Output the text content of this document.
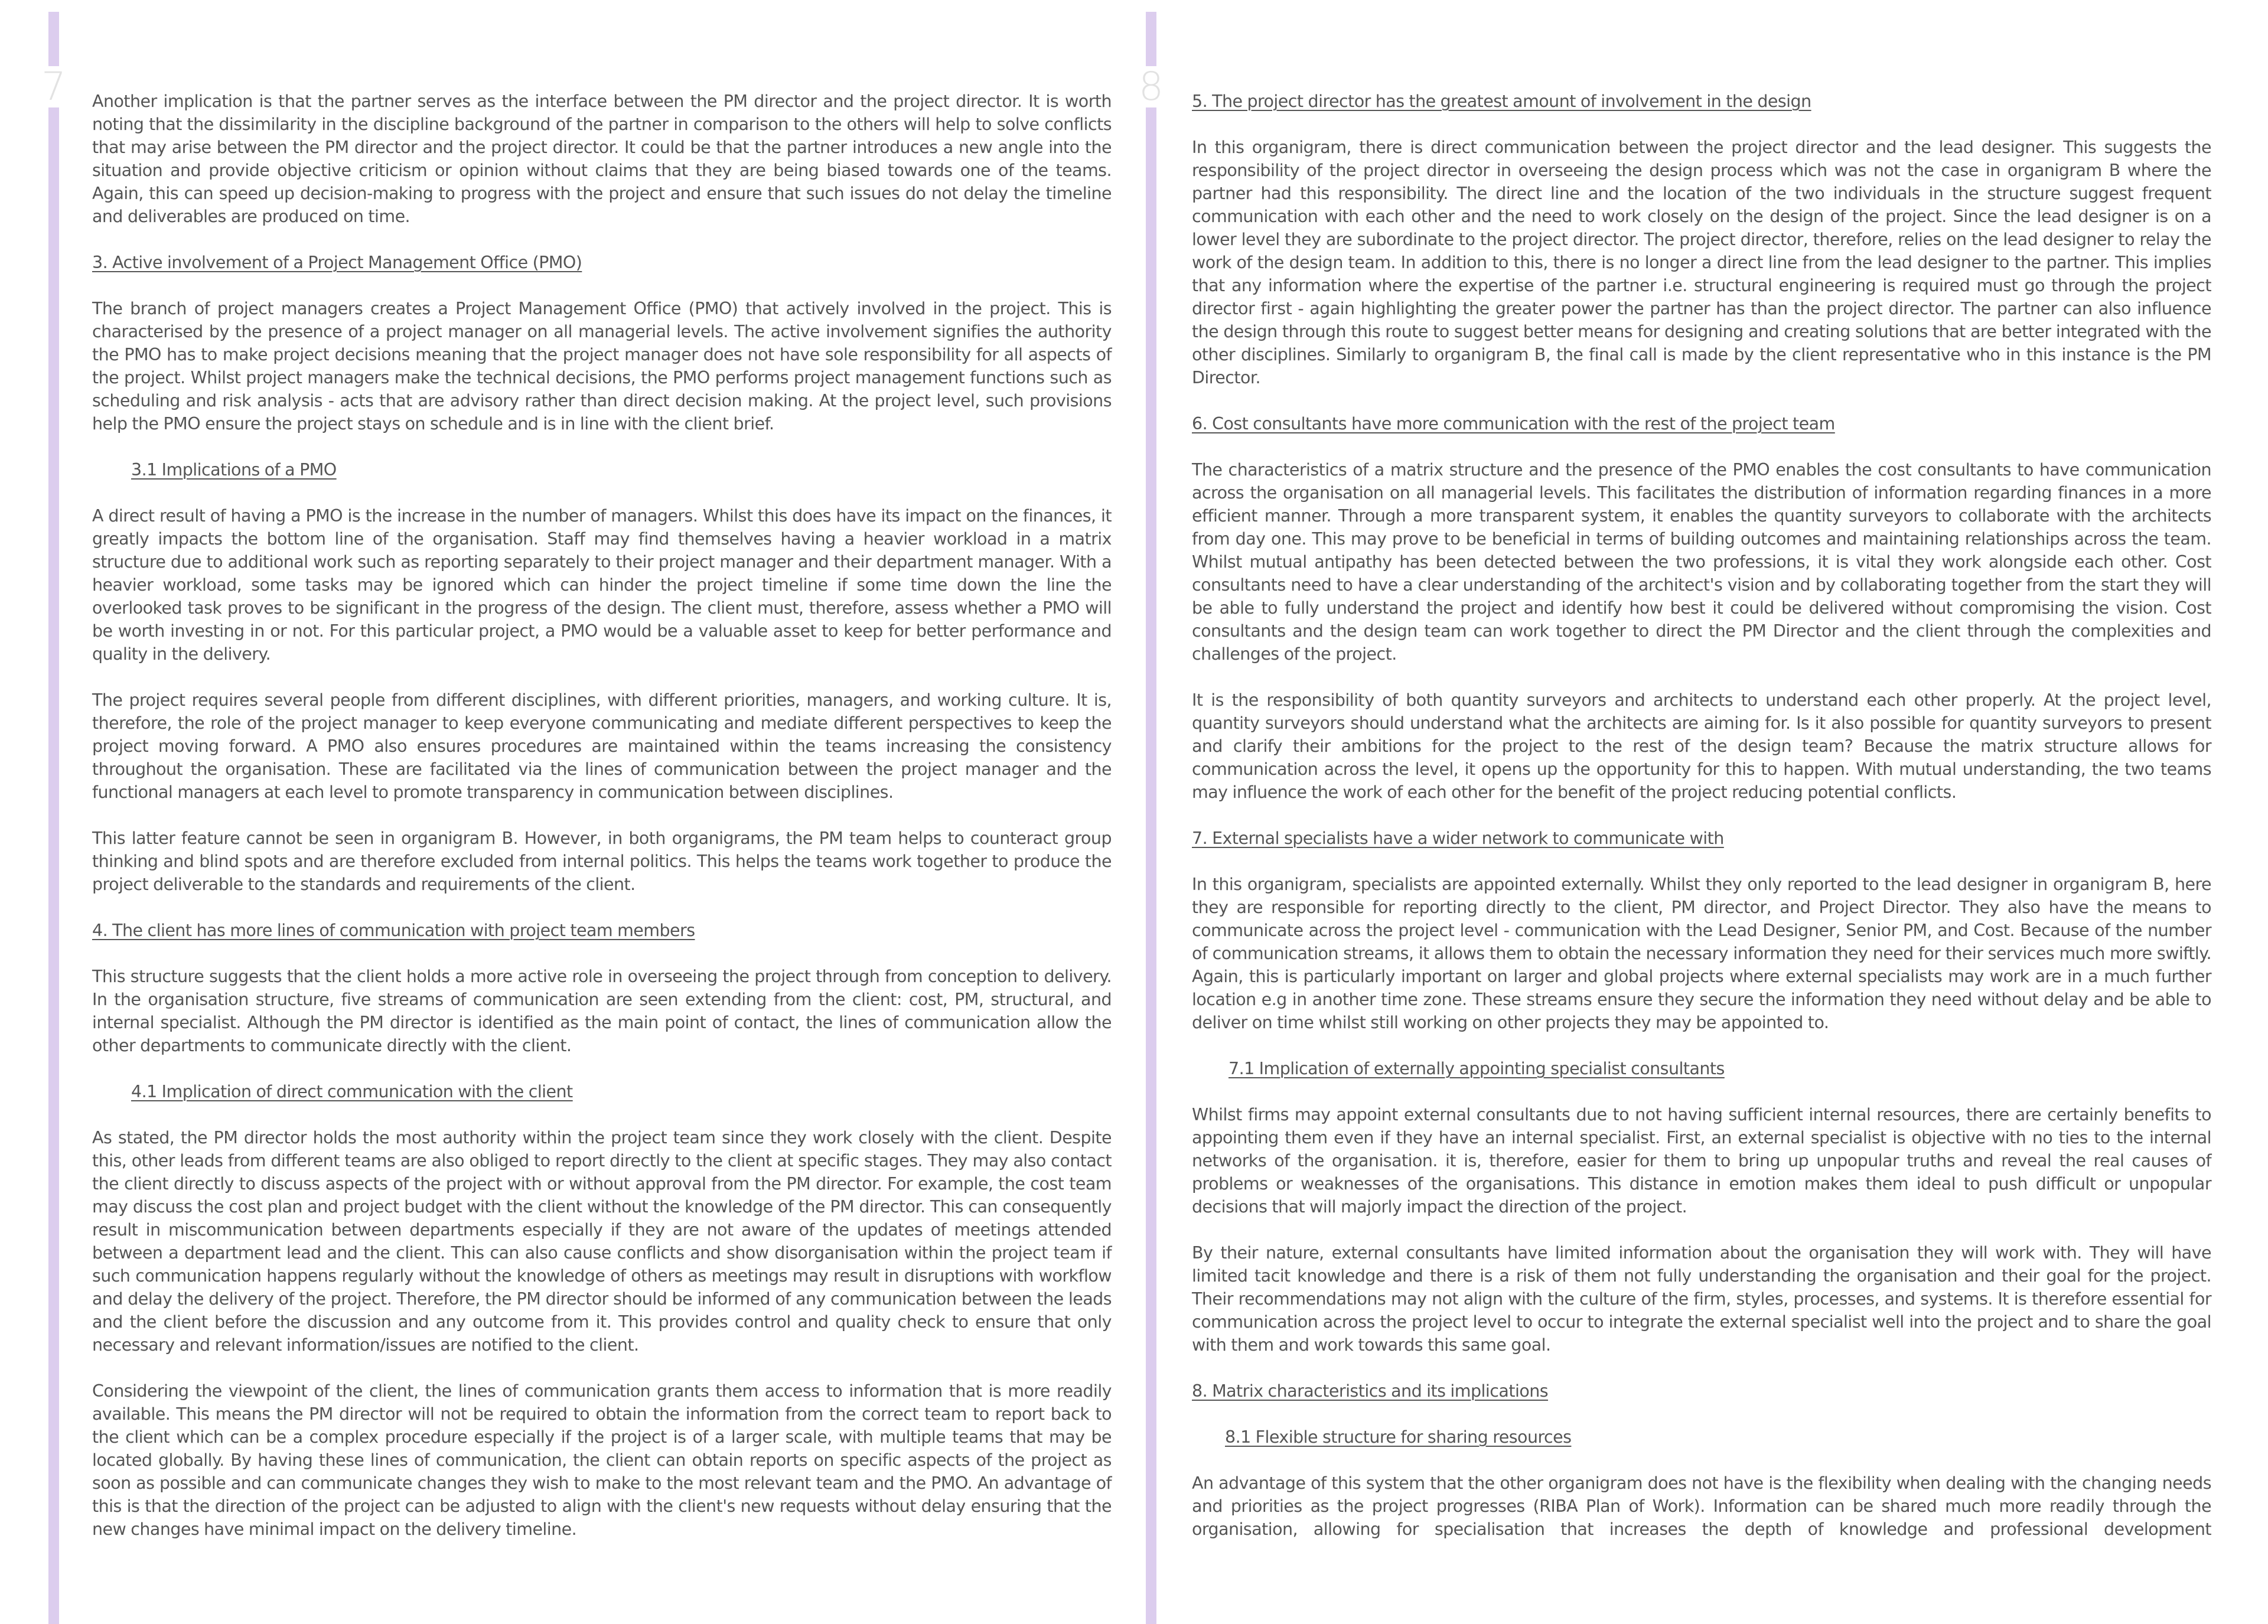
7	8

Another implication is that the partner serves as the interface between the PM director and the project director. It is worth noting that the dissimilarity in the discipline background of the partner in comparison to the others will help to solve conflicts that may arise between the PM director and the project director. It could be that the partner introduces a new angle into the situation and provide objective criticism or opinion without claims that they are being biased towards one of the teams. Again, this can speed up decision-making to progress with the project and ensure that such issues do not delay the timeline and deliverables are produced on time.

3. Active involvement of a Project Management Office (PMO)

The branch of project managers creates a Project Management Office (PMO) that actively involved in the project. This is characterised by the presence of a project manager on all managerial levels. The active involvement signifies the authority the PMO has to make project decisions meaning that the project manager does not have sole responsibility for all aspects of the project. Whilst project managers make the technical decisions, the PMO performs project management functions such as scheduling and risk analysis - acts that are advisory rather than direct decision making. At the project level, such provisions help the PMO ensure the project stays on schedule and is in line with the client brief.

3.1 Implications of a PMO

A direct result of having a PMO is the increase in the number of managers. Whilst this does have its impact on the finances, it greatly impacts the bottom line of the organisation. Staff may find themselves having a heavier workload in a matrix structure due to additional work such as reporting separately to their project manager and their department manager. With a heavier workload, some tasks may be ignored which can hinder the project timeline if some time down the line the overlooked task proves to be significant in the progress of the design. The client must, therefore, assess whether a PMO will be worth investing in or not. For this particular project, a PMO would be a valuable asset to keep for better performance and quality in the delivery.

The project requires several people from different disciplines, with different priorities, managers, and working culture. It is, therefore, the role of the project manager to keep everyone communicating and mediate different perspectives to keep the project moving forward. A PMO also ensures procedures are maintained within the teams increasing the consistency throughout the organisation. These are facilitated via the lines of communication between the project manager and the functional managers at each level to promote transparency in communication between disciplines.

This latter feature cannot be seen in organigram B. However, in both organigrams, the PM team helps to counteract group thinking and blind spots and are therefore excluded from internal politics. This helps the teams work together to produce the project deliverable to the standards and requirements of the client.

4. The client has more lines of communication with project team members

This structure suggests that the client holds a more active role in overseeing the project through from conception to delivery. In the organisation structure, five streams of communication are seen extending from the client: cost, PM, structural, and internal specialist. Although the PM director is identified as the main point of contact, the lines of communication allow the other departments to communicate directly with the client.

4.1 Implication of direct communication with the client

As stated, the PM director holds the most authority within the project team since they work closely with the client. Despite this, other leads from different teams are also obliged to report directly to the client at specific stages. They may also contact the client directly to discuss aspects of the project with or without approval from the PM director. For example, the cost team may discuss the cost plan and project budget with the client without the knowledge of the PM director. This can consequently result in miscommunication between departments especially if they are not aware of the updates of meetings attended between a department lead and the client. This can also cause conflicts and show disorganisation within the project team if such communication happens regularly without the knowledge of others as meetings may result in disruptions with workflow and delay the delivery of the project. Therefore, the PM director should be informed of any communication between the leads and the client before the discussion and any outcome from it. This provides control and quality check to ensure that only necessary and relevant information/issues are notified to the client.

Considering the viewpoint of the client, the lines of communication grants them access to information that is more readily available. This means the PM director will not be required to obtain the information from the correct team to report back to the client which can be a complex procedure especially if the project is of a larger scale, with multiple teams that may be located globally. By having these lines of communication, the client can obtain reports on specific aspects of the project as soon as possible and can communicate changes they wish to make to the most relevant team and the PMO. An advantage of this is that the direction of the project can be adjusted to align with the client's new requests without delay ensuring that the new changes have minimal impact on the delivery timeline.

5. The project director has the greatest amount of involvement in the design

In this organigram, there is direct communication between the project director and the lead designer. This suggests the responsibility of the project director in overseeing the design process which was not the case in organigram B where the partner had this responsibility. The direct line and the location of the two individuals in the structure suggest frequent communication with each other and the need to work closely on the design of the project. Since the lead designer is on a lower level they are subordinate to the project director. The project director, therefore, relies on the lead designer to relay the work of the design team. In addition to this, there is no longer a direct line from the lead designer to the partner. This implies that any information where the expertise of the partner i.e. structural engineering is required must go through the project director first - again highlighting the greater power the partner has than the project director. The partner can also influence the design through this route to suggest better means for designing and creating solutions that are better integrated with the other disciplines. Similarly to organigram B, the final call is made by the client representative who in this instance is the PM Director.

6. Cost consultants have more communication with the rest of the project team

The characteristics of a matrix structure and the presence of the PMO enables the cost consultants to have communication across the organisation on all managerial levels. This facilitates the distribution of information regarding finances in a more efficient manner. Through a more transparent system, it enables the quantity surveyors to collaborate with the architects from day one. This may prove to be beneficial in terms of building outcomes and maintaining relationships across the team. Whilst mutual antipathy has been detected between the two professions, it is vital they work alongside each other. Cost consultants need to have a clear understanding of the architect's vision and by collaborating together from the start they will be able to fully understand the project and identify how best it could be delivered without compromising the vision. Cost consultants and the design team can work together to direct the PM Director and the client through the complexities and challenges of the project.

It is the responsibility of both quantity surveyors and architects to understand each other properly. At the project level, quantity surveyors should understand what the architects are aiming for. Is it also possible for quantity surveyors to present and clarify their ambitions for the project to the rest of the design team? Because the matrix structure allows for communication across the level, it opens up the opportunity for this to happen. With mutual understanding, the two teams may influence the work of each other for the benefit of the project reducing potential conflicts.

7. External specialists have a wider network to communicate with

In this organigram, specialists are appointed externally. Whilst they only reported to the lead designer in organigram B, here they are responsible for reporting directly to the client, PM director, and Project Director. They also have the means to communicate across the project level - communication with the Lead Designer, Senior PM, and Cost. Because of the number of communication streams, it allows them to obtain the necessary information they need for their services much more swiftly. Again, this is particularly important on larger and global projects where external specialists may work are in a much further location e.g in another time zone. These streams ensure they secure the information they need without delay and be able to deliver on time whilst still working on other projects they may be appointed to.

7.1 Implication of externally appointing specialist consultants

Whilst firms may appoint external consultants due to not having sufficient internal resources, there are certainly benefits to appointing them even if they have an internal specialist. First, an external specialist is objective with no ties to the internal networks of the organisation. it is, therefore, easier for them to bring up unpopular truths and reveal the real causes of problems or weaknesses of the organisations. This distance in emotion makes them ideal to push difficult or unpopular decisions that will majorly impact the direction of the project.

By their nature, external consultants have limited information about the organisation they will work with. They will have limited tacit knowledge and there is a risk of them not fully understanding the organisation and their goal for the project. Their recommendations may not align with the culture of the firm, styles, processes, and systems. It is therefore essential for communication across the project level to occur to integrate the external specialist well into the project and to share the goal with them and work towards this same goal.

8. Matrix characteristics and its implications

8.1 Flexible structure for sharing resources

An advantage of this system that the other organigram does not have is the flexibility when dealing with the changing needs and priorities as the project progresses (RIBA Plan of Work). Information can be shared much more readily through the organisation, allowing for specialisation that increases the depth of knowledge and professional development
